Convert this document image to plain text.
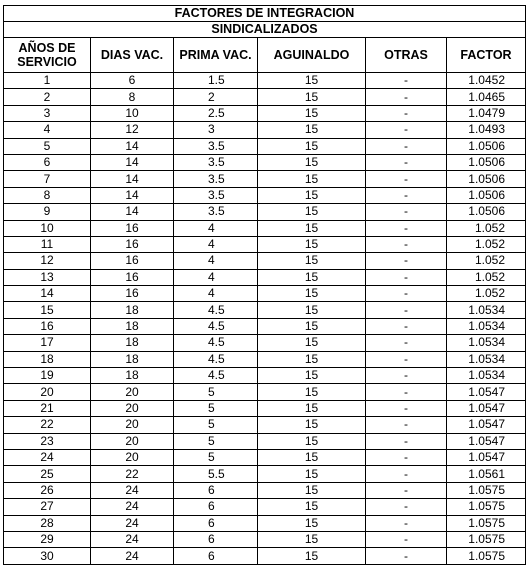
FACTORES DE INTEGRACION					
SINDICALIZADOS					
AÑOS DE SERVICIO	DIAS VAC.	PRIMA VAC.	AGUINALDO	OTRAS	FACTOR
1	6	1.5	15	-	1.0452
2	8	2	15	-	1.0465
3	10	2.5	15	-	1.0479
4	12	3	15	-	1.0493
5	14	3.5	15	-	1.0506
6	14	3.5	15	-	1.0506
7	14	3.5	15	-	1.0506
8	14	3.5	15	-	1.0506
9	14	3.5	15	-	1.0506
10	16	4	15	-	1.052
11	16	4	15	-	1.052
12	16	4	15	-	1.052
13	16	4	15	-	1.052
14	16	4	15	-	1.052
15	18	4.5	15	-	1.0534
16	18	4.5	15	-	1.0534
17	18	4.5	15	-	1.0534
18	18	4.5	15	-	1.0534
19	18	4.5	15	-	1.0534
20	20	5	15	-	1.0547
21	20	5	15	-	1.0547
22	20	5	15	-	1.0547
23	20	5	15	-	1.0547
24	20	5	15	-	1.0547
25	22	5.5	15	-	1.0561
26	24	6	15	-	1.0575
27	24	6	15	-	1.0575
28	24	6	15	-	1.0575
29	24	6	15	-	1.0575
30	24	6	15	-	1.0575
